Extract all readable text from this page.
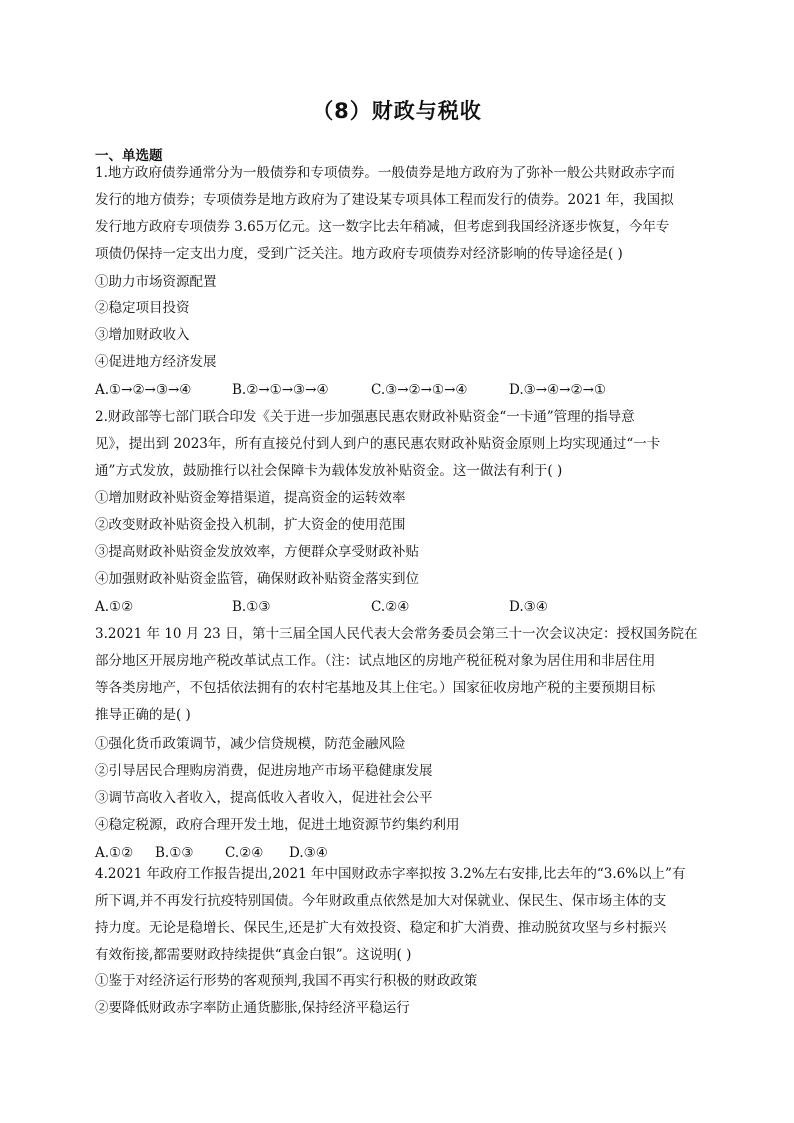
（8）财政与税收
一、单选题
1.地方政府债券通常分为一般债券和专项债券。一般债券是地方政府为了弥补一般公共财政赤字而
发行的地方债券；专项债券是地方政府为了建设某专项具体工程而发行的债券。2021 年，我国拟
发行地方政府专项债券 3.65万亿元。这一数字比去年稍减，但考虑到我国经济逐步恢复，今年专
项债仍保持一定支出力度，受到广泛关注。地方政府专项债券对经济影响的传导途径是( )
①助力市场资源配置
②稳定项目投资
③增加财政收入
④促进地方经济发展
A.①→②→③→④	B.②→①→③→④	C.③→②→①→④	D.③→④→②→①
2.财政部等七部门联合印发《关于进一步加强惠民惠农财政补贴资金“一卡通”管理的指导意
见》，提出到 2023年，所有直接兑付到人到户的惠民惠农财政补贴资金原则上均实现通过“一卡
通”方式发放，鼓励推行以社会保障卡为载体发放补贴资金。这一做法有利于( )
①增加财政补贴资金筹措渠道，提高资金的运转效率
②改变财政补贴资金投入机制，扩大资金的使用范围
③提高财政补贴资金发放效率，方便群众享受财政补贴
④加强财政补贴资金监管，确保财政补贴资金落实到位
A.①②	B.①③	C.②④	D.③④
3.2021 年 10 月 23 日，第十三届全国人民代表大会常务委员会第三十一次会议决定：授权国务院在
部分地区开展房地产税改革试点工作。（注：试点地区的房地产税征税对象为居住用和非居住用
等各类房地产，不包括依法拥有的农村宅基地及其上住宅。）国家征收房地产税的主要预期目标
推导正确的是( )
①强化货币政策调节，减少信贷规模，防范金融风险
②引导居民合理购房消费，促进房地产市场平稳健康发展
③调节高收入者收入，提高低收入者收入，促进社会公平
④稳定税源，政府合理开发土地，促进土地资源节约集约利用
A.①② B.①③ C.②④ D.③④
4.2021 年政府工作报告提出,2021 年中国财政赤字率拟按 3.2%左右安排,比去年的“3.6%以上”有
所下调,并不再发行抗疫特别国债。今年财政重点依然是加大对保就业、保民生、保市场主体的支
持力度。无论是稳增长、保民生,还是扩大有效投资、稳定和扩大消费、推动脱贫攻坚与乡村振兴
有效衔接,都需要财政持续提供“真金白银”。这说明( )
①鉴于对经济运行形势的客观预判,我国不再实行积极的财政政策
②要降低财政赤字率防止通货膨胀,保持经济平稳运行
